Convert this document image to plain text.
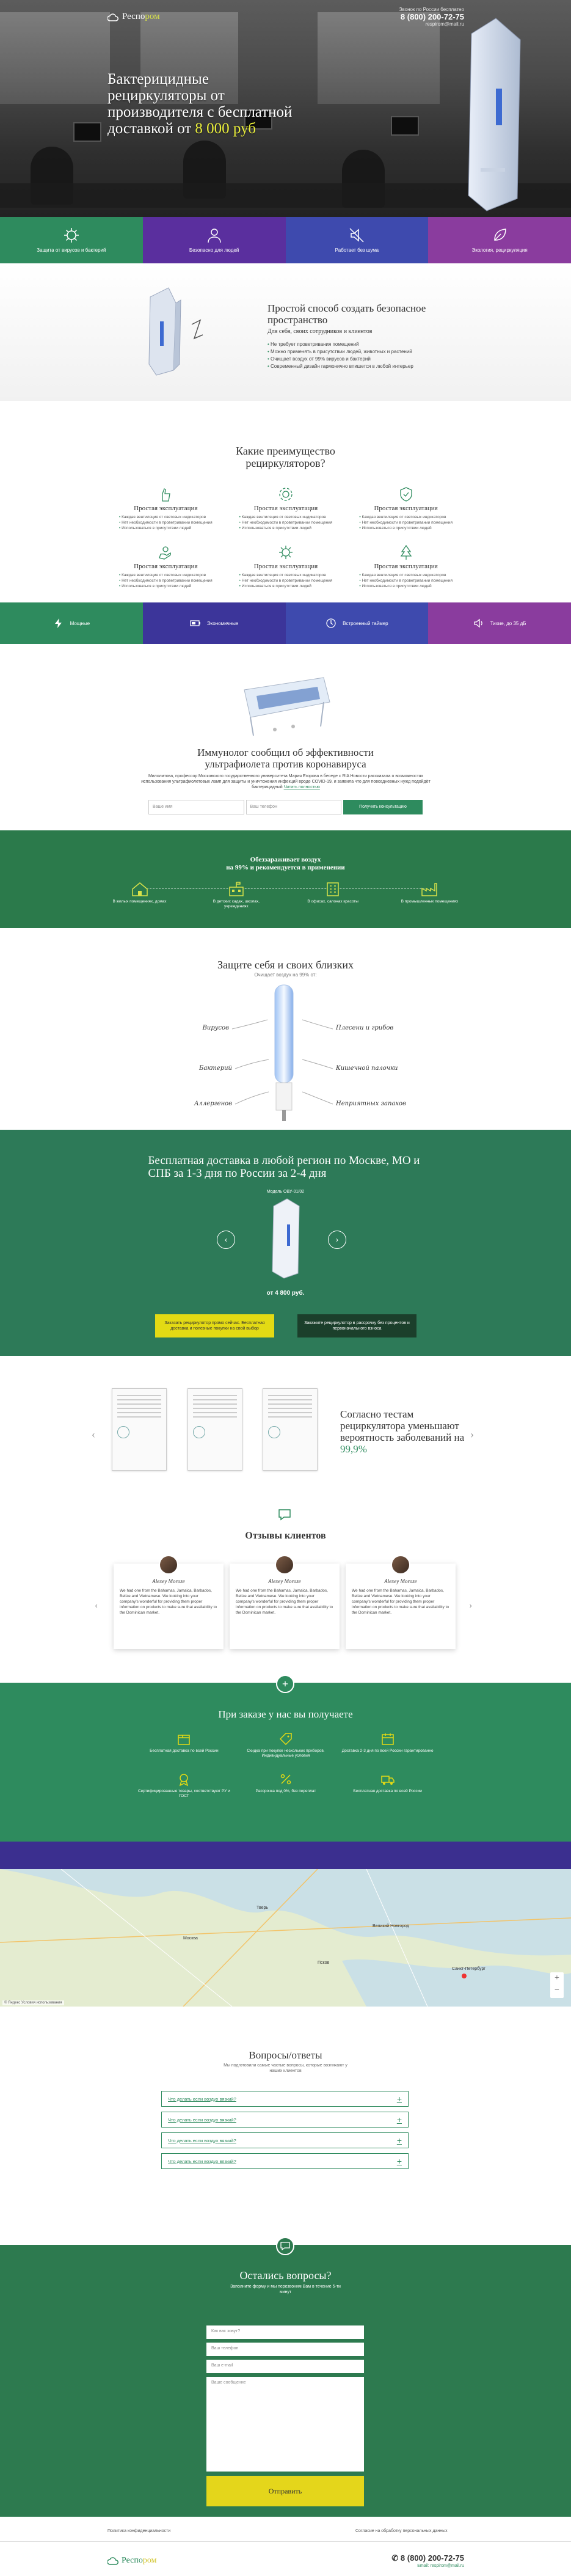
Респором
Звонок по России бесплатно
8 (800) 200-72-75
respirom@mail.ru
Бактерицидные рециркуляторы от производителя с бесплатной доставкой от 8 000 руб
Защита от вирусов и бактерий	Безопасно для людей	Работает без шума	Экология, рециркуляция
Простой способ создать безопасное пространство
Для себя, своих сотрудников и клиентов
• Не требует проветривания помещений
• Можно применять в присутствии людей, животных и растений
• Очищает воздух от 99% вирусов и бактерий
• Современный дизайн гармонично впишется в любой интерьер
Какие преимущество рециркуляторов?
Простая эксплуатация
• Каждая вентиляция от световых индикаторов
• Нет необходимости в проветривании помещения
• Использоваться в присутствии людей
Простая эксплуатация
• Каждая вентиляция от световых индикаторов
• Нет необходимости в проветривании помещения
• Использоваться в присутствии людей
Простая эксплуатация
• Каждая вентиляция от световых индикаторов
• Нет необходимости в проветривании помещения
• Использоваться в присутствии людей
Простая эксплуатация
• Каждая вентиляция от световых индикаторов
• Нет необходимости в проветривании помещения
• Использоваться в присутствии людей
Простая эксплуатация
• Каждая вентиляция от световых индикаторов
• Нет необходимости в проветривании помещения
• Использоваться в присутствии людей
Простая эксплуатация
• Каждая вентиляция от световых индикаторов
• Нет необходимости в проветривании помещения
• Использоваться в присутствии людей
Мощные	Экономичные	Встроенный таймер	Тихие, до 35 дБ
Иммунолог сообщил об эффективности ультрафиолета против коронавируса
Милолитова, профессор Московского государственного университета Мария Егорова в беседе с RIA Новости рассказала о возможностях использования ультрафиолетовых ламп для защиты и уничтожения инфекций вроде COVID-19, и заявила что для повседневных нужд подойдёт бактерицидный Читать полностью
Ваше имя	Ваш телефон	Получить консультацию
Обеззараживает воздух
на 99% и рекомендуется в применении
В жилых помещениях, домах	В детских садах, школах, учреждениях
В офисах, салонах красоты	В промышленных помещениях
Защите себя и своих близких
Очищает воздух на 99% от:
Вирусов
Бактерий
Аллергенов
Плесени и грибов
Кишечной палочки
Неприятных запахов
Бесплатная доставка в любой регион по Москве, МО и СПБ за 1-3 дня по России за 2-4 дня
Модель ОВУ-01/02
‹	›
от 4 800 руб.
Заказать рециркулятор прямо сейчас. Бесплатная доставка и полезные покупки на свой выбор
Закажите рециркулятор в рассрочку без процентов и первоначального взноса
‹	›
Согласно тестам рециркулятора уменьшают вероятность заболеваний на 99,9%
Отзывы клиентов
‹
Alexey Moroze
We had one from the Bahamas, Jamaica, Barbados, Belize and Vietnamese. We looking into your company's wonderful for providing them proper information on products to make sure that availability to the Dominican market.
Alexey Moroze
We had one from the Bahamas, Jamaica, Barbados, Belize and Vietnamese. We looking into your company's wonderful for providing them proper information on products to make sure that availability to the Dominican market.
Alexey Moroze
We had one from the Bahamas, Jamaica, Barbados, Belize and Vietnamese. We looking into your company's wonderful for providing them proper information on products to make sure that availability to the Dominican market.
›
+
При заказе у нас вы получаете
Бесплатная доставка по всей России	Скидка при покупке нескольких приборов. Индивидуальные условия
Доставка 2-3 дня по всей России гарантированно
Сертифицированные товары, соответствуют РУ и ГОСТ
Рассрочка под 0%, без переплат	Бесплатная доставка по всей России
Санкт-Петербург
Псков
Великий Новгород
Тверь
Москва
+
−
© Яндекс Условия использования
Вопросы/ответы
Мы подготовили самые частые вопросы, которые возникают у наших клиентов
Что делать если воздух вязкий?	+
Что делать если воздух вязкий?	+
Что делать если воздух вязкий?	+
Что делать если воздух вязкий?	+
Остались вопросы?
Заполните форму и мы перезвоним Вам в течение 5-ти минут
Как вас зовут?
Ваш телефон
Ваш e-mail
Ваше сообщение
Отправить
Политика конфиденциальности	Согласие на обработку персональных данных
Респором	✆ 8 (800) 200-72-75
Email: respirom@mail.ru
